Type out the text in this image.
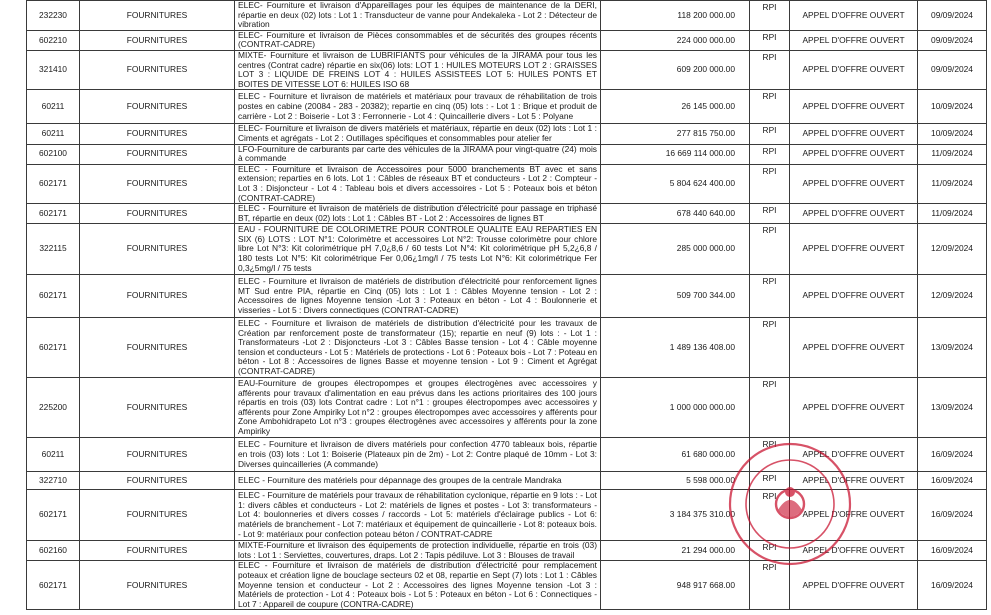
232230	FOURNITURES	ELEC- Fourniture et livraison d'Appareillages pour les équipes de maintenance de la DERI, répartie en deux (02) lots : Lot 1 : Transducteur de vanne pour Andekaleka - Lot 2 : Détecteur de vibration	118 200 000.00	RPI	APPEL D'OFFRE OUVERT	09/09/2024
602210	FOURNITURES	ELEC- Fourniture et livraison de Pièces consommables et de sécurités des groupes récents (CONTRAT-CADRE)	224 000 000.00	RPI	APPEL D'OFFRE OUVERT	09/09/2024
321410	FOURNITURES	MIXTE- Fourniture et livraison de LUBRIFIANTS pour véhicules de la JIRAMA pour tous les centres (Contrat cadre) répartie en six(06) lots: LOT 1 : HUILES MOTEURS LOT 2 : GRAISSES LOT 3 : LIQUIDE DE FREINS LOT 4 : HUILES ASSISTEES LOT 5: HUILES PONTS ET BOITES DE VITESSE LOT 6: HUILES ISO 68	609 200 000.00	RPI	APPEL D'OFFRE OUVERT	09/09/2024
60211	FOURNITURES	ELEC - Fourniture et livraison de matériels et matériaux pour travaux de réhabilitation de trois postes en cabine (20084 - 283 - 20382); repartie en cinq (05) lots : - Lot 1 : Brique et produit de carrière - Lot 2 : Boiserie - Lot 3 : Ferronnerie - Lot 4 : Quincaillerie divers - Lot 5 : Polyane	26 145 000.00	RPI	APPEL D'OFFRE OUVERT	10/09/2024
60211	FOURNITURES	ELEC- Fourniture et livraison de divers matériels et matériaux, répartie en deux (02) lots : Lot 1 : Ciments et agrégats - Lot 2 : Outillages spécifiques et consommables pour atelier fer	277 815 750.00	RPI	APPEL D'OFFRE OUVERT	10/09/2024
602100	FOURNITURES	LFO-Fourniture de carburants par carte des véhicules de la JIRAMA pour vingt-quatre (24) mois à commande	16 669 114 000.00	RPI	APPEL D'OFFRE OUVERT	11/09/2024
602171	FOURNITURES	ELEC - Fourniture et livraison de Accessoires pour 5000 branchements BT avec et sans extension; reparties en 6 lots. Lot 1 : Câbles de réseaux BT et conducteurs - Lot 2 : Compteur - Lot 3 : Disjoncteur - Lot 4 : Tableau bois et divers accessoires - Lot 5 : Poteaux bois et béton (CONTRAT-CADRE)	5 804 624 400.00	RPI	APPEL D'OFFRE OUVERT	11/09/2024
602171	FOURNITURES	ELEC - Fourniture et livraison de matériels de distribution d'électricité pour passage en triphasé BT, répartie en deux (02) lots : Lot 1 : Câbles BT - Lot 2 : Accessoires de lignes BT	678 440 640.00	RPI	APPEL D'OFFRE OUVERT	11/09/2024
322115	FOURNITURES	EAU - FOURNITURE DE COLORIMETRE POUR CONTROLE QUALITE EAU REPARTIES EN SIX (6) LOTS : LOT N°1: Colorimètre et accessoires Lot N°2: Trousse colorimètre pour chlore libre Lot N°3: Kit colorimétrique pH 7,0¿8,6 / 60 tests Lot N°4: Kit colorimétrique pH 5,2¿6,8 / 180 tests Lot N°5: Kit colorimétrique Fer 0,06¿1mg/l / 75 tests Lot N°6: Kit colorimétrique Fer 0,3¿5mg/l / 75 tests	285 000 000.00	RPI	APPEL D'OFFRE OUVERT	12/09/2024
602171	FOURNITURES	ELEC - Fourniture et livraison de matériels de distribution d'électricité pour renforcement lignes MT Sud entre PIA, répartie en Cinq (05) lots : Lot 1 : Câbles Moyenne tension - Lot 2 : Accessoires de lignes Moyenne tension -Lot 3 : Poteaux en béton - Lot 4 : Boulonnerie et visseries - Lot 5 : Divers connectiques (CONTRAT-CADRE)	509 700 344.00	RPI	APPEL D'OFFRE OUVERT	12/09/2024
602171	FOURNITURES	ELEC - Fourniture et livraison de matériels de distribution d'électricité pour les travaux de Création par renforcement poste de transformateur (15); repartie en neuf (9) lots : - Lot 1 : Transformateurs -Lot 2 : Disjoncteurs -Lot 3 : Câbles Basse tension - Lot 4 : Câble moyenne tension et conducteurs - Lot 5 : Matériels de protections - Lot 6 : Poteaux bois - Lot 7 : Poteau en béton - Lot 8 : Accessoires de lignes Basse et moyenne tension - Lot 9 : Ciment et Agrégat (CONTRAT-CADRE)	1 489 136 408.00	RPI	APPEL D'OFFRE OUVERT	13/09/2024
225200	FOURNITURES	EAU-Fourniture de groupes électropompes et groupes électrogènes avec accessoires y afférents pour travaux d'alimentation en eau prévus dans les actions prioritaires des 100 jours répartis en trois (03) lots Contrat cadre : Lot n°1 : groupes électropompes avec accessoires y afférents pour Zone Ampiriky Lot n°2 : groupes électropompes avec accessoires y afférents pour Zone Ambohidrapeto Lot n°3 : groupes électrogènes avec accessoires y afférents pour la zone Ampiriky	1 000 000 000.00	RPI	APPEL D'OFFRE OUVERT	13/09/2024
60211	FOURNITURES	ELEC - Fourniture et livraison de divers matériels pour confection 4770 tableaux bois, répartie en trois (03) lots : Lot 1: Boiserie (Plateaux pin de 2m) - Lot 2: Contre plaqué de 10mm - Lot 3: Diverses quincailleries (A commande)	61 680 000.00	RPI	APPEL D'OFFRE OUVERT	16/09/2024
322710	FOURNITURES	ELEC - Fourniture des matériels pour dépannage des groupes de la centrale Mandraka	5 598 000.00	RPI	APPEL D'OFFRE OUVERT	16/09/2024
602171	FOURNITURES	ELEC - Fourniture de matériels pour travaux de réhabilitation cyclonique, répartie en 9 lots : - Lot 1: divers câbles et conducteurs - Lot 2: matériels de lignes et postes - Lot 3: transformateurs - Lot 4: boulonneries et divers cosses / raccords - Lot 5: matériels d'éclairage publics - Lot 6: matériels de branchement - Lot 7: matériaux et équipement de quincaillerie - Lot 8: poteaux bois. - Lot 9: matériaux pour confection poteau béton / CONTRAT-CADRE	3 184 375 310.00	RPI	APPEL D'OFFRE OUVERT	16/09/2024
602160	FOURNITURES	MIXTE-Fourniture et livraison des équipements de protection individuelle, répartie en trois (03) lots : Lot 1 : Serviettes, couvertures, draps. Lot 2 : Tapis pédiluve. Lot 3 : Blouses de travail	21 294 000.00	RPI	APPEL D'OFFRE OUVERT	16/09/2024
602171	FOURNITURES	ELEC - Fourniture et livraison de matériels de distribution d'électricité pour remplacement poteaux et création ligne de bouclage secteurs 02 et 08, repartie en Sept (7) lots : Lot 1 : Câbles Moyenne tension et conducteur - Lot 2 : Accessoires des lignes Moyenne tension -Lot 3 : Matériels de protection - Lot 4 : Poteaux bois - Lot 5 : Poteaux en béton - Lot 6 : Connectiques - Lot 7 : Appareil de coupure (CONTRA-CADRE)	948 917 668.00	RPI	APPEL D'OFFRE OUVERT	16/09/2024
